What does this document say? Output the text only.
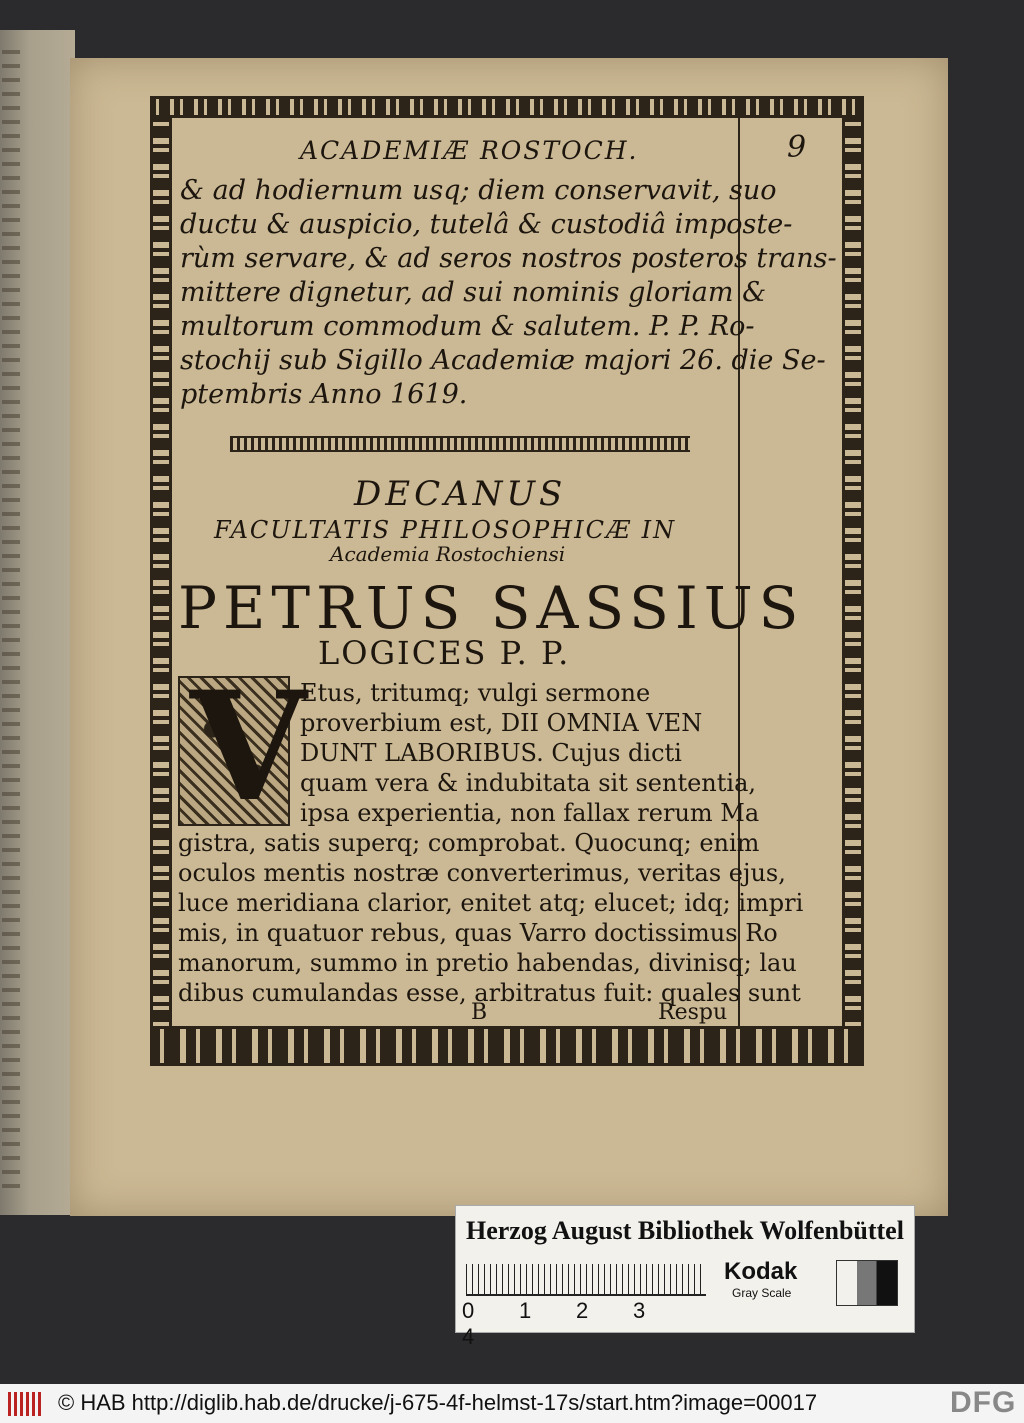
ACADEMIÆ ROSTOCH.	9
& ad hodiernum usq; diem conservavit, suo
ductu & auspicio, tutelâ & custodiâ imposte-
rùm servare, & ad seros nostros posteros trans-
mittere dignetur, ad sui nominis gloriam &
multorum commodum & salutem. P. P. Ro-
stochij sub Sigillo Academiæ majori 26. die Se-
ptembris Anno 1619.
DECANUS
FACULTATIS PHILOSOPHICÆ IN
Academia Rostochiensi
PETRUS SASSIUS
LOGICES P. P.
V
Etus, tritumq; vulgi sermone
proverbium est, DII OMNIA VEN
DUNT LABORIBUS. Cujus dicti
quam vera & indubitata sit sententia,
ipsa experientia, non fallax rerum Ma
gistra, satis superq; comprobat. Quocunq; enim
oculos mentis nostræ converterimus, veritas ejus,
luce meridiana clarior, enitet atq; elucet; idq; impri
mis, in quatuor rebus, quas Varro doctissimus Ro
manorum, summo in pretio habendas, divinisq; lau
dibus cumulandas esse, arbitratus fuit: quales sunt
B	Respu
Herzog August Bibliothek Wolfenbüttel
0 1 2 34
Kodak
Gray Scale
© HAB http://diglib.hab.de/drucke/j-675-4f-helmst-17s/start.htm?image=00017	DFG
